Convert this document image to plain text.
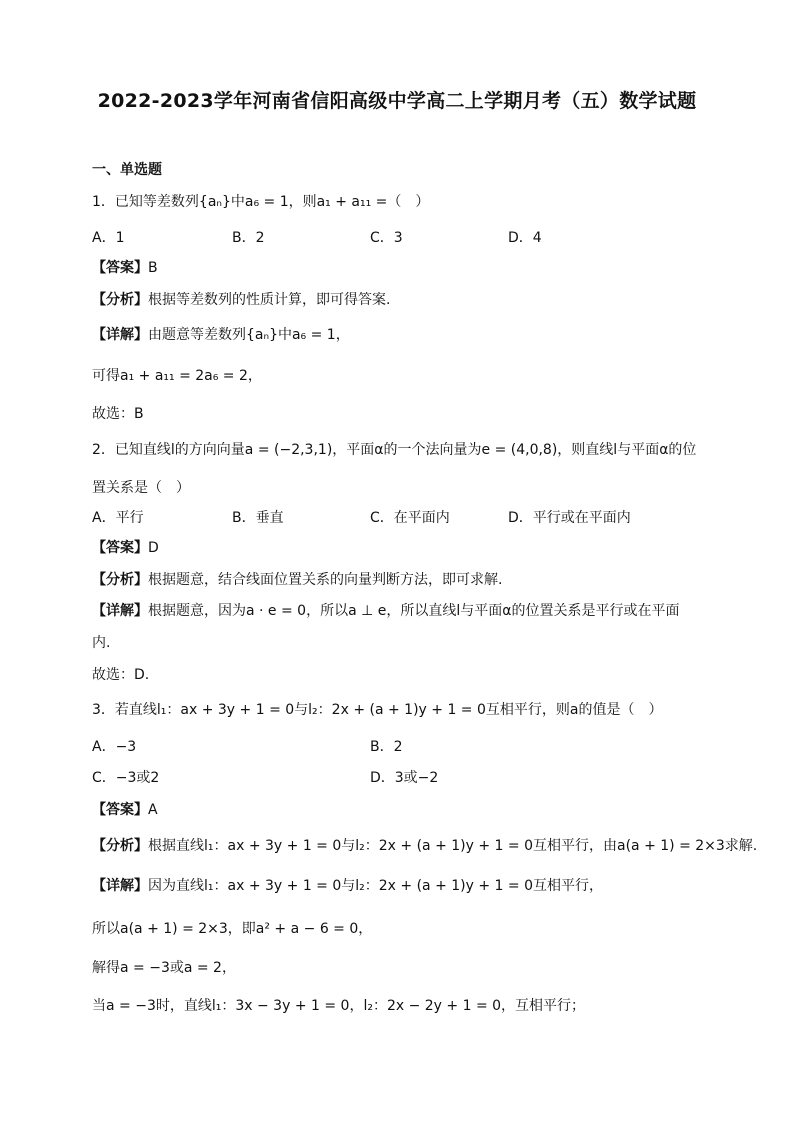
2022-2023学年河南省信阳高级中学高二上学期月考（五）数学试题
一、单选题
1．已知等差数列{aₙ}中a₆ = 1，则a₁ + a₁₁ =（　）
A．1	B．2	C．3	D．4
【答案】B
【分析】根据等差数列的性质计算，即可得答案.
【详解】由题意等差数列{aₙ}中a₆ = 1，
可得a₁ + a₁₁ = 2a₆ = 2，
故选：B
2．已知直线l的方向向量a = (−2,3,1)，平面α的一个法向量为e = (4,0,8)，则直线l与平面α的位
置关系是（　）
A．平行	B．垂直	C．在平面内	D．平行或在平面内
【答案】D
【分析】根据题意，结合线面位置关系的向量判断方法，即可求解.
【详解】根据题意，因为a · e = 0，所以a ⊥ e，所以直线l与平面α的位置关系是平行或在平面
内.
故选：D.
3．若直线l₁：ax + 3y + 1 = 0与l₂：2x + (a + 1)y + 1 = 0互相平行，则a的值是（　）
A．−3	B．2
C．−3或2	D．3或−2
【答案】A
【分析】根据直线l₁：ax + 3y + 1 = 0与l₂：2x + (a + 1)y + 1 = 0互相平行，由a(a + 1) = 2×3求解.
【详解】因为直线l₁：ax + 3y + 1 = 0与l₂：2x + (a + 1)y + 1 = 0互相平行，
所以a(a + 1) = 2×3，即a² + a − 6 = 0，
解得a = −3或a = 2，
当a = −3时，直线l₁：3x − 3y + 1 = 0，l₂：2x − 2y + 1 = 0，互相平行；
